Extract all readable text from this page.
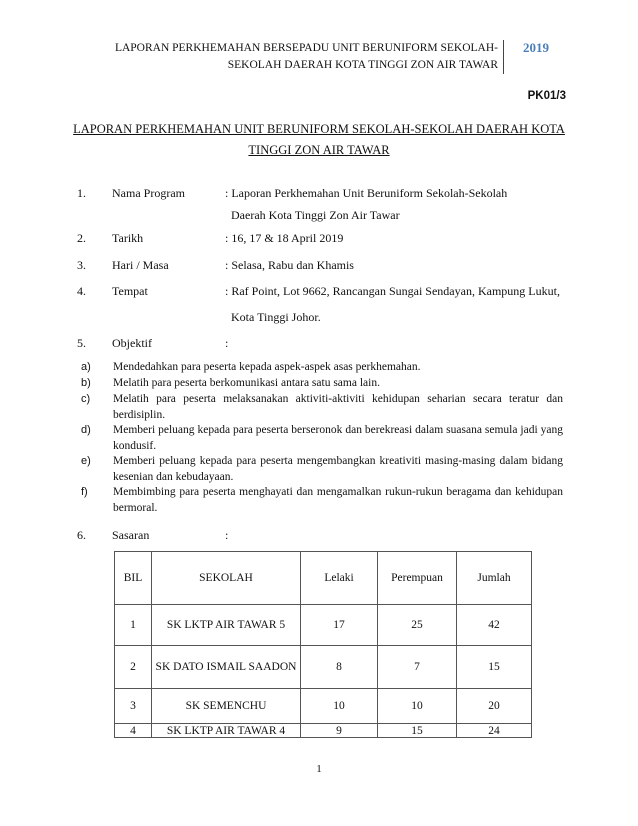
LAPORAN PERKHEMAHAN BERSEPADU UNIT BERUNIFORM SEKOLAH-
SEKOLAH DAERAH KOTA TINGGI ZON AIR TAWAR
2019
PK01/3
LAPORAN PERKHEMAHAN UNIT BERUNIFORM SEKOLAH-SEKOLAH DAERAH KOTA
TINGGI ZON AIR TAWAR
1. Nama Program	: Laporan Perkhemahan Unit Beruniform Sekolah-Sekolah
Daerah Kota Tinggi Zon Air Tawar
2. Tarikh	: 16, 17 & 18 April 2019
3. Hari / Masa	: Selasa, Rabu dan Khamis
4. Tempat	: Raf Point, Lot 9662, Rancangan Sungai Sendayan, Kampung Lukut,
Kota Tinggi Johor.
5. Objektif	:
a) Mendedahkan para peserta kepada aspek-aspek asas perkhemahan.
b) Melatih para peserta berkomunikasi antara satu sama lain.
c) Melatih para peserta melaksanakan aktiviti-aktiviti kehidupan seharian secara teratur dan berdisiplin.
d) Memberi peluang kepada para peserta berseronok dan berekreasi dalam suasana semula jadi yang kondusif.
e) Memberi peluang kepada para peserta mengembangkan kreativiti masing-masing dalam bidang kesenian dan kebudayaan.
f) Membimbing para peserta menghayati dan mengamalkan rukun-rukun beragama dan kehidupan bermoral.
6. Sasaran	:
BIL	SEKOLAH	Lelaki	Perempuan	Jumlah
1	SK LKTP AIR TAWAR 5	17	25	42
2	SK DATO ISMAIL SAADON	8	7	15
3	SK SEMENCHU	10	10	20
4	SK LKTP AIR TAWAR 4	9	15	24
1
